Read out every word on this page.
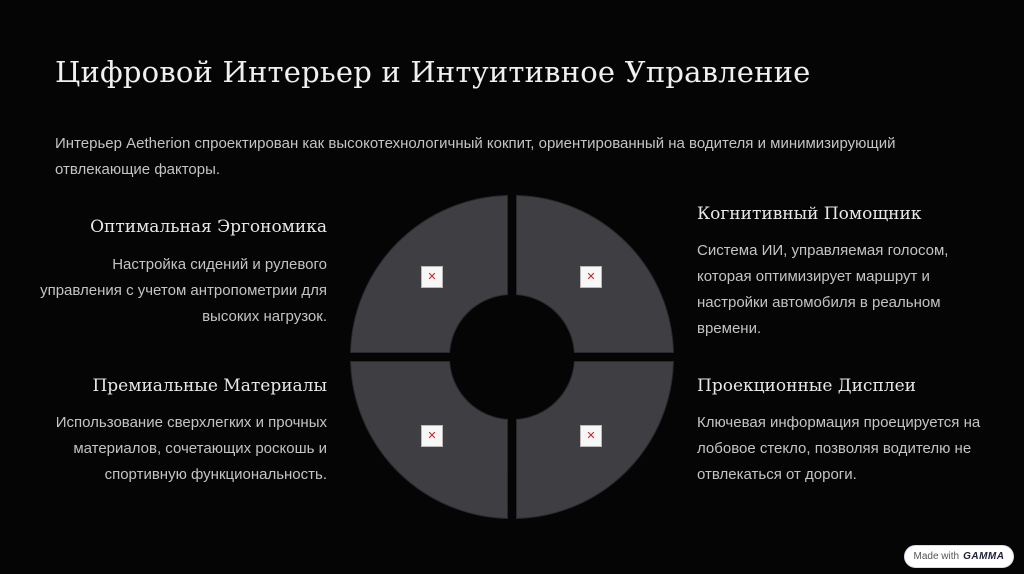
Цифровой Интерьер и Интуитивное Управление

Интерьер Aetherion спроектирован как высокотехнологичный кокпит, ориентированный на водителя и минимизирующий отвлекающие факторы.

Оптимальная Эргономика

Настройка сидений и рулевого управления с учетом антропометрии для высоких нагрузок.

Премиальные Материалы

Использование сверхлегких и прочных материалов, сочетающих роскошь и спортивную функциональность.

Когнитивный Помощник

Система ИИ, управляемая голосом, которая оптимизирует маршрут и настройки автомобиля в реальном времени.

Проекционные Дисплеи

Ключевая информация проецируется на лобовое стекло, позволяя водителю не отвлекаться от дороги.

✕
✕
✕
✕
Made with GAMMA
